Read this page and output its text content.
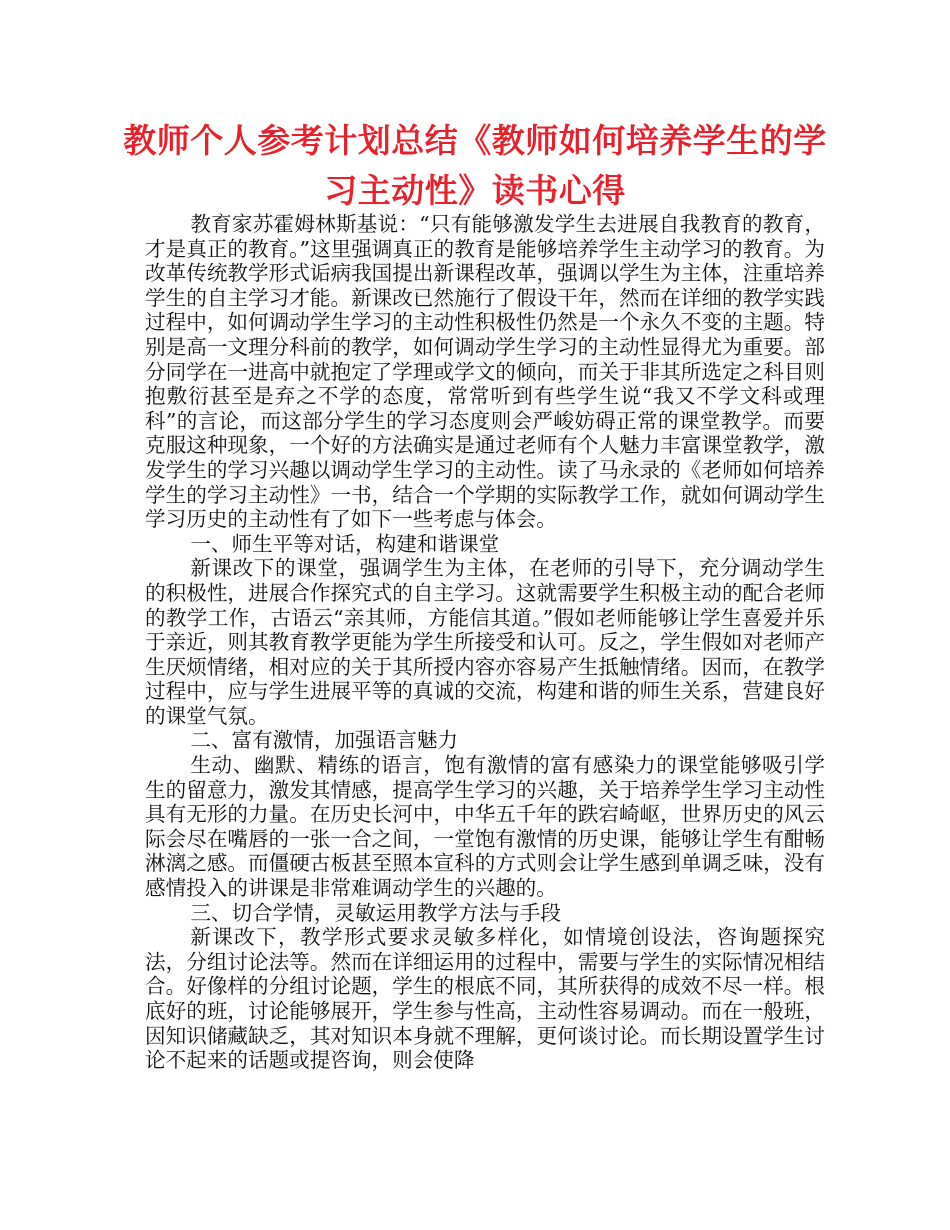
教师个人参考计划总结《教师如何培养学生的学习主动性》读书心得

教育家苏霍姆林斯基说：“只有能够激发学生去进展自我教育的教育，才是真正的教育。”这里强调真正的教育是能够培养学生主动学习的教育。为改革传统教学形式诟病我国提出新课程改革，强调以学生为主体，注重培养学生的自主学习才能。新课改已然施行了假设干年，然而在详细的教学实践过程中，如何调动学生学习的主动性积极性仍然是一个永久不变的主题。特别是高一文理分科前的教学，如何调动学生学习的主动性显得尤为重要。部分同学在一进高中就抱定了学理或学文的倾向，而关于非其所选定之科目则抱敷衍甚至是弃之不学的态度，常常听到有些学生说“我又不学文科或理科”的言论，而这部分学生的学习态度则会严峻妨碍正常的课堂教学。而要克服这种现象，一个好的方法确实是通过老师有个人魅力丰富课堂教学，激发学生的学习兴趣以调动学生学习的主动性。读了马永录的《老师如何培养学生的学习主动性》一书，结合一个学期的实际教学工作，就如何调动学生学习历史的主动性有了如下一些考虑与体会。

一、师生平等对话，构建和谐课堂

新课改下的课堂，强调学生为主体，在老师的引导下，充分调动学生的积极性，进展合作探究式的自主学习。这就需要学生积极主动的配合老师的教学工作，古语云“亲其师，方能信其道。”假如老师能够让学生喜爱并乐于亲近，则其教育教学更能为学生所接受和认可。反之，学生假如对老师产生厌烦情绪，相对应的关于其所授内容亦容易产生抵触情绪。因而，在教学过程中，应与学生进展平等的真诚的交流，构建和谐的师生关系，营建良好的课堂气氛。

二、富有激情，加强语言魅力

生动、幽默、精练的语言，饱有激情的富有感染力的课堂能够吸引学生的留意力，激发其情感，提高学生学习的兴趣，关于培养学生学习主动性具有无形的力量。在历史长河中，中华五千年的跌宕崎岖，世界历史的风云际会尽在嘴唇的一张一合之间，一堂饱有激情的历史课，能够让学生有酣畅淋漓之感。而僵硬古板甚至照本宣科的方式则会让学生感到单调乏味，没有感情投入的讲课是非常难调动学生的兴趣的。

三、切合学情，灵敏运用教学方法与手段

新课改下，教学形式要求灵敏多样化，如情境创设法，咨询题探究法，分组讨论法等。然而在详细运用的过程中，需要与学生的实际情况相结合。好像样的分组讨论题，学生的根底不同，其所获得的成效不尽一样。根底好的班，讨论能够展开，学生参与性高，主动性容易调动。而在一般班，因知识储藏缺乏，其对知识本身就不理解，更何谈讨论。而长期设置学生讨论不起来的话题或提咨询，则会使降
